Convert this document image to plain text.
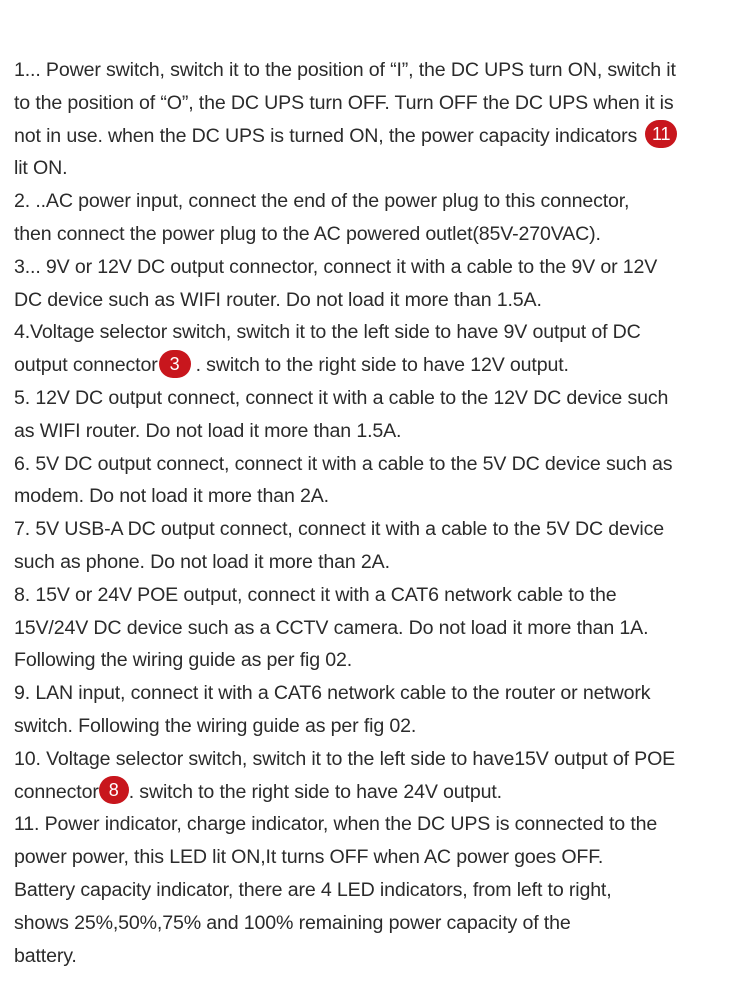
1... Power switch, switch it to the position of “I”, the DC UPS turn ON, switch it
to the position of “O”, the DC UPS turn OFF. Turn OFF the DC UPS when it is
not in use. when the DC UPS is turned ON, the power capacity indicators 11
lit ON.
2. ..AC power input, connect the end of the power plug to this connector,
then connect the power plug to the AC powered outlet(85V-270VAC).
3... 9V or 12V DC output connector, connect it with a cable to the 9V or 12V
DC device such as WIFI router. Do not load it more than 1.5A.
4.Voltage selector switch, switch it to the left side to have 9V output of DC
output connector 3 . switch to the right side to have 12V output.
5. 12V DC output connect, connect it with a cable to the 12V DC device such
as WIFI router. Do not load it more than 1.5A.
6. 5V DC output connect, connect it with a cable to the 5V DC device such as
modem. Do not load it more than 2A.
7. 5V USB-A DC output connect, connect it with a cable to the 5V DC device
such as phone. Do not load it more than 2A.
8. 15V or 24V POE output, connect it with a CAT6 network cable to the
15V/24V DC device such as a CCTV camera. Do not load it more than 1A.
Following the wiring guide as per fig 02.
9. LAN input, connect it with a CAT6 network cable to the router or network
switch. Following the wiring guide as per fig 02.
10. Voltage selector switch, switch it to the left side to have15V output of POE
connector 8 . switch to the right side to have 24V output.
11. Power indicator, charge indicator, when the DC UPS is connected to the
power power, this LED lit ON,It turns OFF when AC power goes OFF.
Battery capacity indicator, there are 4 LED indicators, from left to right,
shows 25%,50%,75% and 100% remaining power capacity of the
battery.
